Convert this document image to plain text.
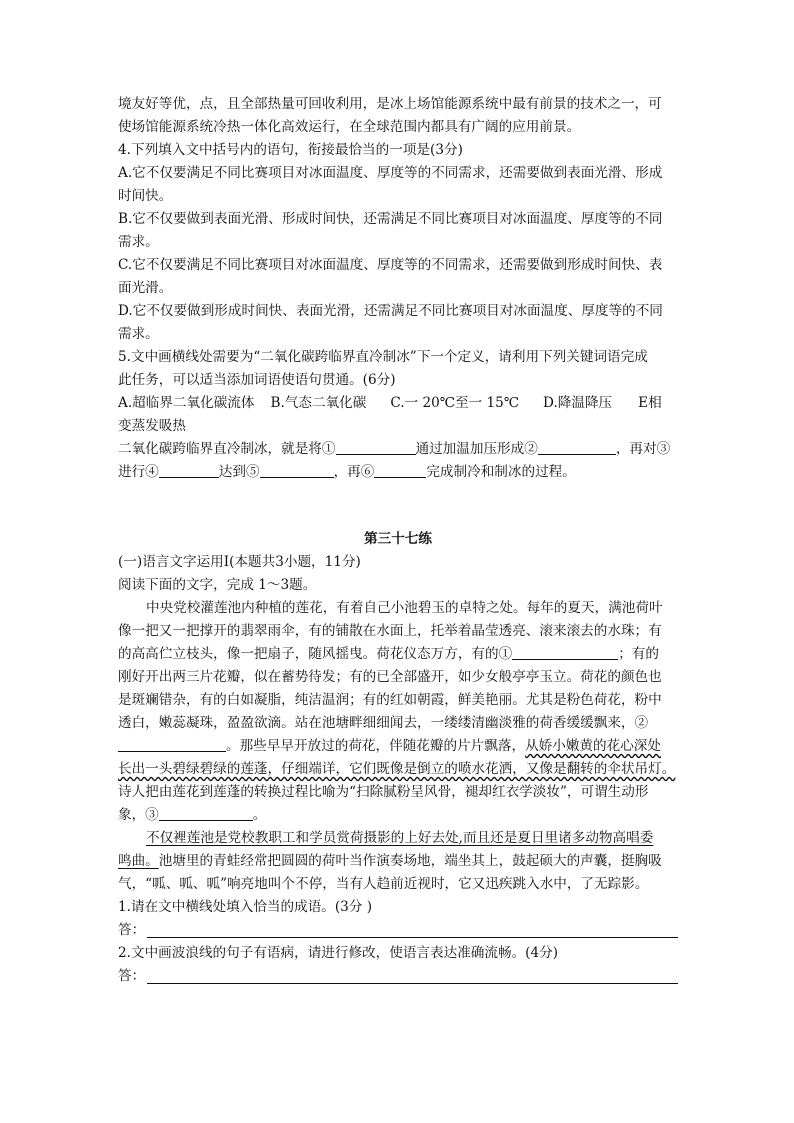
境友好等优，点，且全部热量可回收利用，是冰上场馆能源系统中最有前景的技术之一，可
使场馆能源系统冷热一体化高效运行，在全球范围内都具有广阔的应用前景。
4.下列填入文中括号内的语句，衔接最恰当的一项是(3分)
A.它不仅要满足不同比赛项目对冰面温度、厚度等的不同需求，还需要做到表面光滑、形成
时间快。
B.它不仅要做到表面光滑、形成时间快，还需满足不同比赛项目对冰面温度、厚度等的不同
需求。
C.它不仅要满足不同比赛项目对冰面温度、厚度等的不同需求，还需要做到形成时间快、表
面光滑。
D.它不仅要做到形成时间快、表面光滑，还需满足不同比赛项目对冰面温度、厚度等的不同
需求。
5.文中画横线处需要为“二氧化碳跨临界直冷制冰”下一个定义，请利用下列关键词语完成
此任务，可以适当添加词语使语句贯通。(6分)
A.超临界二氧化碳流体 B.气态二氧化碳 C.一 20℃至一 15℃ D.降温降压 E相
变蒸发吸热
二氧化碳跨临界直冷制冰，就是将①	通过加温加压形成②	，再对③
进行④	达到⑤	，再⑥	完成制冷和制冰的过程。
第三十七练
(一)语言文字运用Ⅰ(本题共3小题，11分)
阅读下面的文字，完成 1～3题。
中央党校灌莲池内种植的莲花，有着自己小池碧玉的卓特之处。每年的夏天，满池荷叶
像一把又一把撑开的翡翠雨伞，有的铺散在水面上，托举着晶莹透亮、滚来滚去的水珠；有
的高高伫立枝头，像一把扇子，随风摇曳。荷花仪态万方，有的①	；有的
刚好开出两三片花瓣，似在蓄势待发；有的已全部盛开，如少女般亭亭玉立。荷花的颜色也
是斑斓错杂，有的白如凝脂，纯洁温润；有的红如朝霞，鲜美艳丽。尤其是粉色荷花，粉中
透白，嫩蕊凝珠，盈盈欲滴。站在池塘畔细细闻去，一缕缕清幽淡雅的荷香缓缓飘来，②
。那些早早开放过的荷花，伴随花瓣的片片飘落，从娇小嫩黄的花心深处
长出一头碧绿碧绿的莲蓬，仔细端详，它们既像是倒立的喷水花洒，又像是翻转的伞状吊灯。
诗人把由莲花到莲蓬的转换过程比喻为“扫除腻粉呈风骨，褪却红衣学淡妆”，可谓生动形
象，③	。
不仅裡莲池是党校教职工和学员赏荷摄影的上好去处,而且还是夏日里诸多动物高唱委
鸣曲。池塘里的青蛙经常把圆圆的荷叶当作演奏场地，端坐其上，鼓起硕大的声囊，挺胸吸
气，“呱、呱、呱”响亮地叫个不停，当有人趋前近视时，它又迅疾跳入水中，了无踪影。
1.请在文中横线处填入恰当的成语。(3分 )
答：
2.文中画波浪线的句子有语病，请进行修改，使语言表达准确流畅。(4分)
答：
